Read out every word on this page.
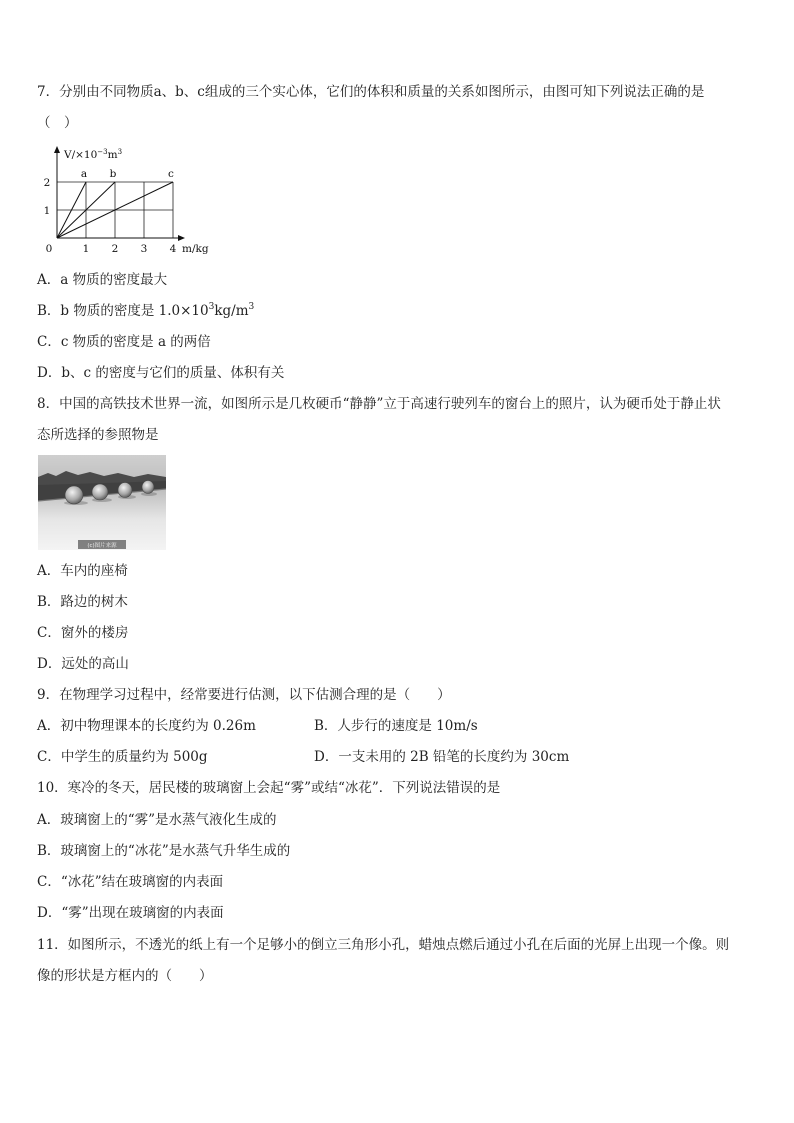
7．分别由不同物质a、b、c组成的三个实心体，它们的体积和质量的关系如图所示，由图可知下列说法正确的是
（　）
a b	c
1 2 3 4
1
2
0
$V/\times 10^{-3}m^3$
m/kg
A．a 物质的密度最大
B．b 物质的密度是 $1.0\times 10^3kg/m^3$
C．c 物质的密度是 a 的两倍
D．b、c 的密度与它们的质量、体积有关
8．中国的高铁技术世界一流，如图所示是几枚硬币“静静”立于高速行驶列车的窗台上的照片，认为硬币处于静止状
态所选择的参照物是
(c)图片来源
A．车内的座椅
B．路边的树木
C．窗外的楼房
D．远处的高山
9．在物理学习过程中，经常要进行估测，以下估测合理的是（　　）
A．初中物理课本的长度约为 0.26m	B．人步行的速度是 10m/s
C．中学生的质量约为 500g	D．一支未用的 2B 铅笔的长度约为 30cm
10．寒冷的冬天，居民楼的玻璃窗上会起“雾”或结“冰花”．下列说法错误的是
A．玻璃窗上的“雾”是水蒸气液化生成的
B．玻璃窗上的“冰花”是水蒸气升华生成的
C．“冰花”结在玻璃窗的内表面
D．“雾”出现在玻璃窗的内表面
11．如图所示，不透光的纸上有一个足够小的倒立三角形小孔，蜡烛点燃后通过小孔在后面的光屏上出现一个像。则
像的形状是方框内的（　　）
